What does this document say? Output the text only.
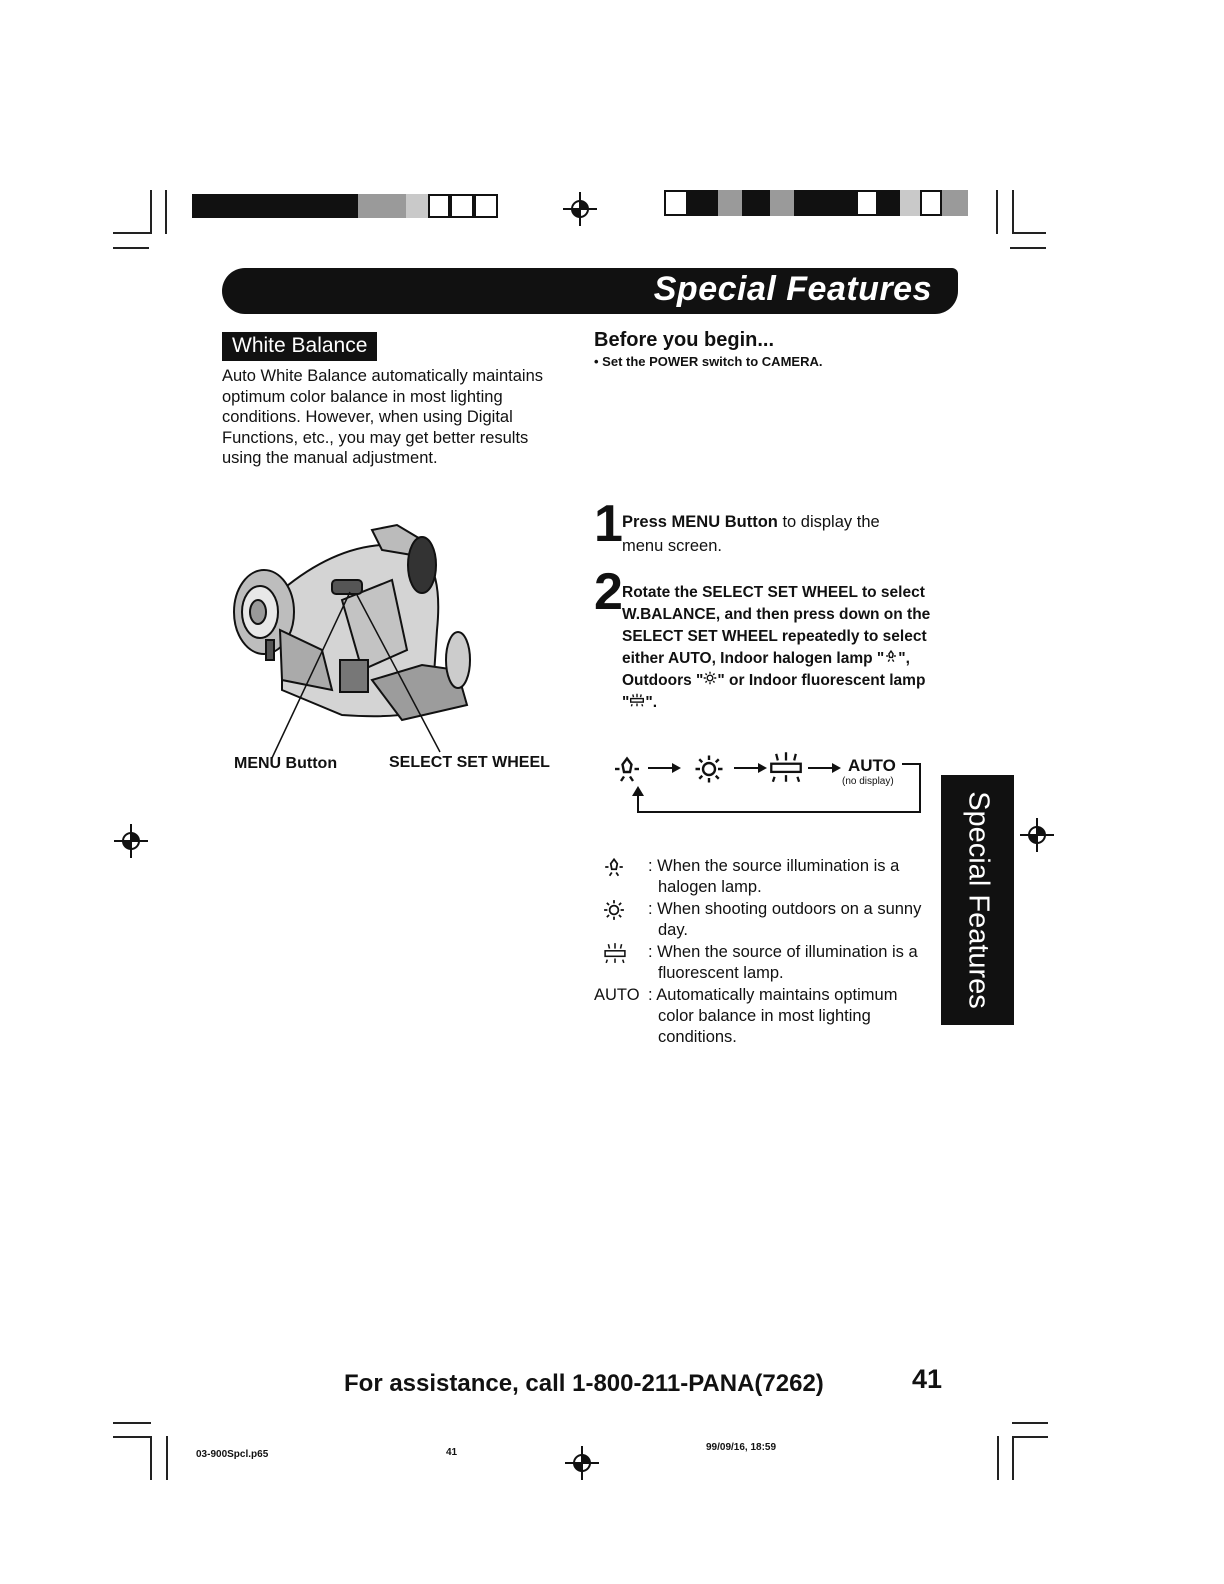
Special Features
White Balance
Auto White Balance automatically maintains optimum color balance in most lighting conditions. However, when using Digital Functions, etc., you may get better results using the manual adjustment.
Before you begin...
• Set the POWER switch to CAMERA.
MENU Button	SELECT SET WHEEL
1 Press MENU Button to display the menu screen.
2 Rotate the SELECT SET WHEEL to select W.BALANCE, and then press down on the SELECT SET WHEEL repeatedly to select either AUTO, Indoor halogen lamp " ", Outdoors " " or Indoor fluorescent lamp " ".
AUTO
(no display)
: When the source illumination is a halogen lamp.
: When shooting outdoors on a sunny day.
: When the source of illumination is a fluorescent lamp.
AUTO : Automatically maintains optimum color balance in most lighting conditions.
Special Features
For assistance, call 1-800-211-PANA(7262)	41
03-900Spcl.p65	41	99/09/16, 18:59
